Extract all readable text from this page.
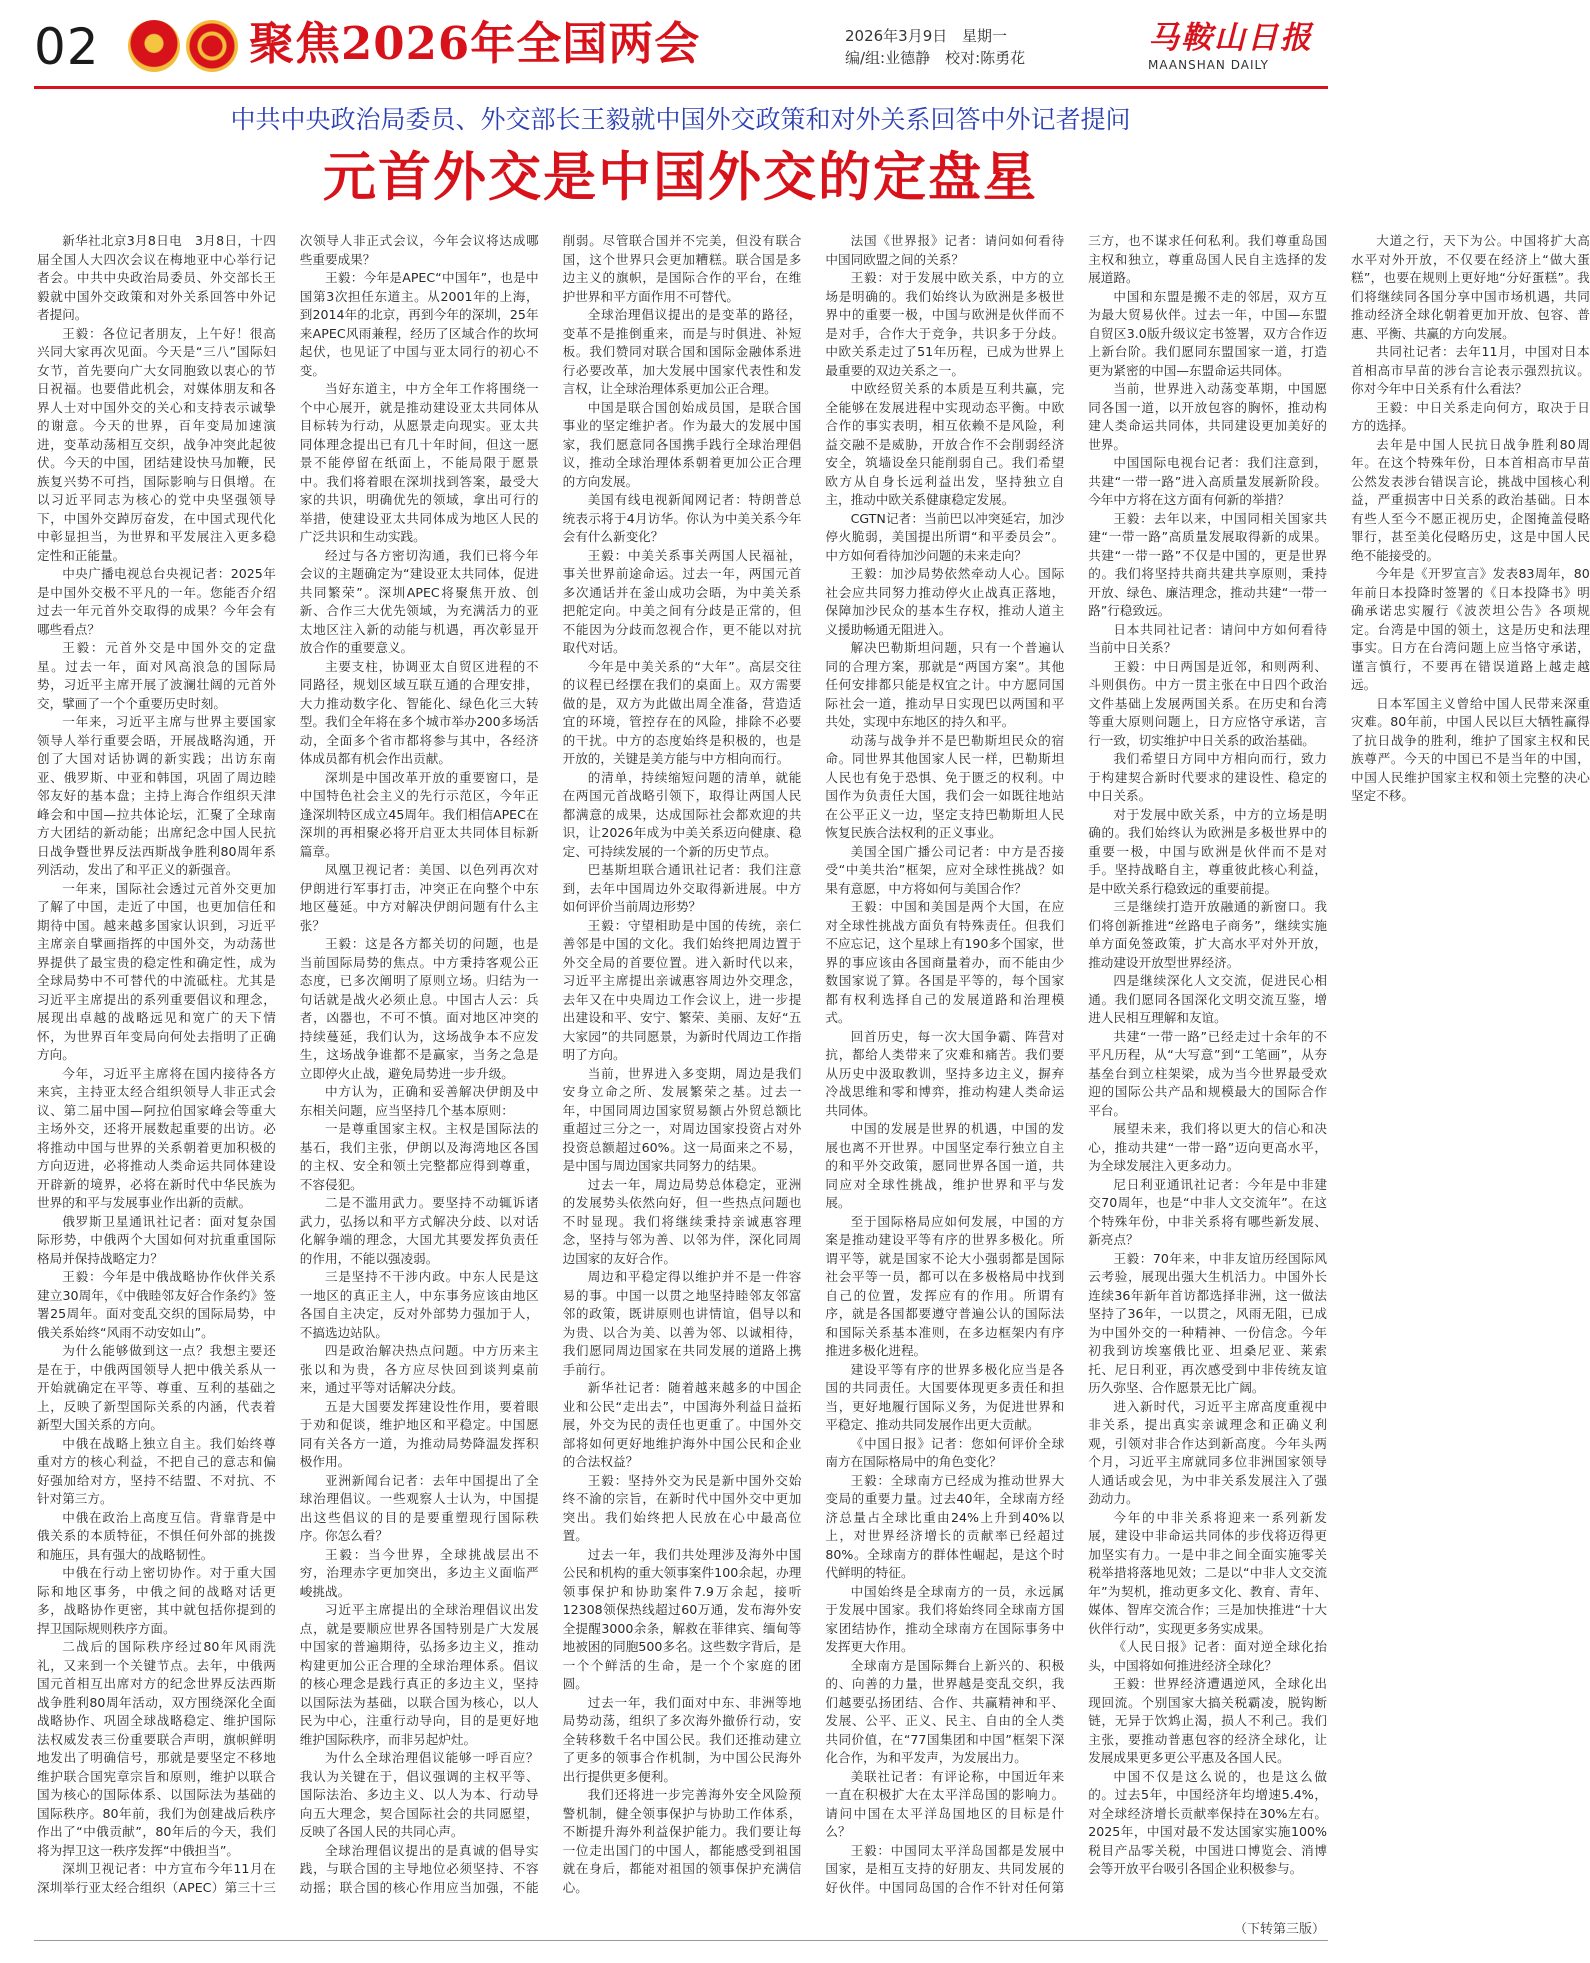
02	聚焦2026年全国两会	2026年3月9日 星期一
编/组:业德静　校对:陈勇花
马鞍山日报
MAANSHAN DAILY
中共中央政治局委员、外交部长王毅就中国外交政策和对外关系回答中外记者提问
元首外交是中国外交的定盘星

新华社北京3月8日电　3月8日，十四届全国人大四次会议在梅地亚中心举行记者会。中共中央政治局委员、外交部长王毅就中国外交政策和对外关系回答中外记者提问。

王毅：各位记者朋友，上午好！很高兴同大家再次见面。今天是“三八”国际妇女节，首先要向广大女同胞致以衷心的节日祝福。也要借此机会，对媒体朋友和各界人士对中国外交的关心和支持表示诚挚的谢意。今天的世界，百年变局加速演进，变革动荡相互交织，战争冲突此起彼伏。今天的中国，团结建设快马加鞭，民族复兴势不可挡，国际影响与日俱增。在以习近平同志为核心的党中央坚强领导下，中国外交踔厉奋发，在中国式现代化中彰显担当，为世界和平发展注入更多稳定性和正能量。

中央广播电视总台央视记者：2025年是中国外交极不平凡的一年。您能否介绍过去一年元首外交取得的成果？今年会有哪些看点？

王毅：元首外交是中国外交的定盘星。过去一年，面对风高浪急的国际局势，习近平主席开展了波澜壮阔的元首外交，擘画了一个个重要历史时刻。

一年来，习近平主席与世界主要国家领导人举行重要会晤，开展战略沟通，开创了大国对话协调的新实践；出访东南亚、俄罗斯、中亚和韩国，巩固了周边睦邻友好的基本盘；主持上海合作组织天津峰会和中国—拉共体论坛，汇聚了全球南方大团结的新动能；出席纪念中国人民抗日战争暨世界反法西斯战争胜利80周年系列活动，发出了和平正义的新强音。

一年来，国际社会透过元首外交更加了解了中国，走近了中国，也更加信任和期待中国。越来越多国家认识到，习近平主席亲自擘画指挥的中国外交，为动荡世界提供了最宝贵的稳定性和确定性，成为全球局势中不可替代的中流砥柱。尤其是习近平主席提出的系列重要倡议和理念，展现出卓越的战略远见和宽广的天下情怀，为世界百年变局向何处去指明了正确方向。

今年，习近平主席将在国内接待各方来宾，主持亚太经合组织领导人非正式会议、第二届中国—阿拉伯国家峰会等重大主场外交，还将开展数起重要的出访。必将推动中国与世界的关系朝着更加积极的方向迈进，必将推动人类命运共同体建设开辟新的境界，必将在新时代中华民族为世界的和平与发展事业作出新的贡献。

俄罗斯卫星通讯社记者：面对复杂国际形势，中俄两个大国如何对抗重重国际格局并保持战略定力？

王毅：今年是中俄战略协作伙伴关系建立30周年，《中俄睦邻友好合作条约》签署25周年。面对变乱交织的国际局势，中俄关系始终“风雨不动安如山”。

为什么能够做到这一点？我想主要还是在于，中俄两国领导人把中俄关系从一开始就确定在平等、尊重、互利的基础之上，反映了新型国际关系的内涵，代表着新型大国关系的方向。

中俄在战略上独立自主。我们始终尊重对方的核心利益，不把自己的意志和偏好强加给对方，坚持不结盟、不对抗、不针对第三方。

中俄在政治上高度互信。背靠背是中俄关系的本质特征，不惧任何外部的挑拨和施压，具有强大的战略韧性。

中俄在行动上密切协作。对于重大国际和地区事务，中俄之间的战略对话更多，战略协作更密，其中就包括你提到的捍卫国际规则秩序方面。

二战后的国际秩序经过80年风雨洗礼，又来到一个关键节点。去年，中俄两国元首相互出席对方的纪念世界反法西斯战争胜利80周年活动，双方围绕深化全面战略协作、巩固全球战略稳定、维护国际法权威发表三份重要联合声明，旗帜鲜明地发出了明确信号，那就是要坚定不移地维护联合国宪章宗旨和原则，维护以联合国为核心的国际体系、以国际法为基础的国际秩序。80年前，我们为创建战后秩序作出了“中俄贡献”，80年后的今天，我们将为捍卫这一秩序发挥“中俄担当”。

深圳卫视记者：中方宣布今年11月在深圳举行亚太经合组织（APEC）第三十三次领导人非正式会议，今年会议将达成哪些重要成果？

王毅：今年是APEC“中国年”，也是中国第3次担任东道主。从2001年的上海，到2014年的北京，再到今年的深圳，25年来APEC风雨兼程，经历了区域合作的坎坷起伏，也见证了中国与亚太同行的初心不变。

当好东道主，中方全年工作将围绕一个中心展开，就是推动建设亚太共同体从目标转为行动，从愿景走向现实。亚太共同体理念提出已有几十年时间，但这一愿景不能停留在纸面上，不能局限于愿景中。我们将着眼在深圳找到答案，最受大家的共识，明确优先的领域，拿出可行的举措，使建设亚太共同体成为地区人民的广泛共识和生动实践。

经过与各方密切沟通，我们已将今年会议的主题确定为“建设亚太共同体，促进共同繁荣”。深圳APEC将聚焦开放、创新、合作三大优先领域，为充满活力的亚太地区注入新的动能与机遇，再次彰显开放合作的重要意义。

主要支柱，协调亚太自贸区进程的不同路径，规划区域互联互通的合理安排，大力推动数字化、智能化、绿色化三大转型。我们全年将在多个城市举办200多场活动，全面多个省市都将参与其中，各经济体成员都有机会作出贡献。

深圳是中国改革开放的重要窗口，是中国特色社会主义的先行示范区，今年正逢深圳特区成立45周年。我们相信APEC在深圳的再相聚必将开启亚太共同体目标新篇章。

凤凰卫视记者：美国、以色列再次对伊朗进行军事打击，冲突正在向整个中东地区蔓延。中方对解决伊朗问题有什么主张？

王毅：这是各方都关切的问题，也是当前国际局势的焦点。中方秉持客观公正态度，已多次阐明了原则立场。归结为一句话就是战火必须止息。中国古人云：兵者，凶器也，不可不慎。面对地区冲突的持续蔓延，我们认为，这场战争本不应发生，这场战争谁都不是赢家，当务之急是立即停火止战，避免局势进一步升级。

中方认为，正确和妥善解决伊朗及中东相关问题，应当坚持几个基本原则：

一是尊重国家主权。主权是国际法的基石，我们主张，伊朗以及海湾地区各国的主权、安全和领土完整都应得到尊重，不容侵犯。

二是不滥用武力。要坚持不动辄诉诸武力，弘扬以和平方式解决分歧、以对话化解争端的理念，大国尤其要发挥负责任的作用，不能以强凌弱。

三是坚持不干涉内政。中东人民是这一地区的真正主人，中东事务应该由地区各国自主决定，反对外部势力强加于人，不搞选边站队。

四是政治解决热点问题。中方历来主张以和为贵，各方应尽快回到谈判桌前来，通过平等对话解决分歧。

五是大国要发挥建设性作用，要着眼于劝和促谈，维护地区和平稳定。中国愿同有关各方一道，为推动局势降温发挥积极作用。

亚洲新闻台记者：去年中国提出了全球治理倡议。一些观察人士认为，中国提出这些倡议的目的是要重塑现行国际秩序。你怎么看？

王毅：当今世界，全球挑战层出不穷，治理赤字更加突出，多边主义面临严峻挑战。

习近平主席提出的全球治理倡议出发点，就是要顺应世界各国特别是广大发展中国家的普遍期待，弘扬多边主义，推动构建更加公正合理的全球治理体系。倡议的核心理念是践行真正的多边主义，坚持以国际法为基础，以联合国为核心，以人民为中心，注重行动导向，目的是更好地维护国际秩序，而非另起炉灶。

为什么全球治理倡议能够一呼百应？我认为关键在于，倡议强调的主权平等、国际法治、多边主义、以人为本、行动导向五大理念，契合国际社会的共同愿望，反映了各国人民的共同心声。

全球治理倡议提出的是真诚的倡导实践，与联合国的主导地位必须坚持、不容动摇；联合国的核心作用应当加强，不能削弱。尽管联合国并不完美，但没有联合国，这个世界只会更加糟糕。联合国是多边主义的旗帜，是国际合作的平台，在维护世界和平方面作用不可替代。

全球治理倡议提出的是变革的路径，变革不是推倒重来，而是与时俱进、补短板。我们赞同对联合国和国际金融体系进行必要改革，加大发展中国家代表性和发言权，让全球治理体系更加公正合理。

中国是联合国创始成员国，是联合国事业的坚定维护者。作为最大的发展中国家，我们愿意同各国携手践行全球治理倡议，推动全球治理体系朝着更加公正合理的方向发展。

美国有线电视新闻网记者：特朗普总统表示将于4月访华。你认为中美关系今年会有什么新变化？

王毅：中美关系事关两国人民福祉，事关世界前途命运。过去一年，两国元首多次通话并在釜山成功会晤，为中美关系把舵定向。中美之间有分歧是正常的，但不能因为分歧而忽视合作，更不能以对抗取代对话。

今年是中美关系的“大年”。高层交往的议程已经摆在我们的桌面上。双方需要做的是，双方为此做出周全准备，营造适宜的环境，管控存在的风险，排除不必要的干扰。中方的态度始终是积极的，也是开放的，关键是美方能与中方相向而行。

的清单，持续缩短问题的清单，就能在两国元首战略引领下，取得让两国人民都满意的成果，达成国际社会都欢迎的共识，让2026年成为中美关系迈向健康、稳定、可持续发展的一个新的历史节点。

巴基斯坦联合通讯社记者：我们注意到，去年中国周边外交取得新进展。中方如何评价当前周边形势？

王毅：守望相助是中国的传统，亲仁善邻是中国的文化。我们始终把周边置于外交全局的首要位置。进入新时代以来，习近平主席提出亲诚惠容周边外交理念，去年又在中央周边工作会议上，进一步提出建设和平、安宁、繁荣、美丽、友好“五大家园”的共同愿景，为新时代周边工作指明了方向。

当前，世界进入多变期，周边是我们安身立命之所、发展繁荣之基。过去一年，中国同周边国家贸易额占外贸总额比重超过三分之一，对周边国家投资占对外投资总额超过60%。这一局面来之不易，是中国与周边国家共同努力的结果。

过去一年，周边局势总体稳定，亚洲的发展势头依然向好，但一些热点问题也不时显现。我们将继续秉持亲诚惠容理念，坚持与邻为善、以邻为伴，深化同周边国家的友好合作。

周边和平稳定得以维护并不是一件容易的事。中国一以贯之地坚持睦邻友邻富邻的政策，既讲原则也讲情谊，倡导以和为贵、以合为美、以善为邻、以诚相待，我们愿同周边国家在共同发展的道路上携手前行。

新华社记者：随着越来越多的中国企业和公民“走出去”，中国海外利益日益拓展，外交为民的责任也更重了。中国外交部将如何更好地维护海外中国公民和企业的合法权益？

王毅：坚持外交为民是新中国外交始终不渝的宗旨，在新时代中国外交中更加突出。我们始终把人民放在心中最高位置。

过去一年，我们共处理涉及海外中国公民和机构的重大领事案件100余起，办理领事保护和协助案件7.9万余起，接听12308领保热线超过60万通，发布海外安全提醒3000余条，解救在菲律宾、缅甸等地被困的同胞500多名。这些数字背后，是一个个鲜活的生命，是一个个家庭的团圆。

过去一年，我们面对中东、非洲等地局势动荡，组织了多次海外撤侨行动，安全转移数千名中国公民。我们还推动建立了更多的领事合作机制，为中国公民海外出行提供更多便利。

我们还将进一步完善海外安全风险预警机制，健全领事保护与协助工作体系，不断提升海外利益保护能力。我们要让每一位走出国门的中国人，都能感受到祖国就在身后，都能对祖国的领事保护充满信心。

法国《世界报》记者：请问如何看待中国同欧盟之间的关系？

王毅：对于发展中欧关系，中方的立场是明确的。我们始终认为欧洲是多极世界中的重要一极，中国与欧洲是伙伴而不是对手，合作大于竞争，共识多于分歧。中欧关系走过了51年历程，已成为世界上最重要的双边关系之一。

中欧经贸关系的本质是互利共赢，完全能够在发展进程中实现动态平衡。中欧合作的事实表明，相互依赖不是风险，利益交融不是威胁，开放合作不会削弱经济安全，筑墙设垒只能削弱自己。我们希望欧方从自身长远利益出发，坚持独立自主，推动中欧关系健康稳定发展。

CGTN记者：当前巴以冲突延宕，加沙停火脆弱，美国提出所谓“和平委员会”。中方如何看待加沙问题的未来走向？

王毅：加沙局势依然牵动人心。国际社会应共同努力推动停火止战真正落地，保障加沙民众的基本生存权，推动人道主义援助畅通无阻进入。

解决巴勒斯坦问题，只有一个普遍认同的合理方案，那就是“两国方案”。其他任何安排都只能是权宜之计。中方愿同国际社会一道，推动早日实现巴以两国和平共处，实现中东地区的持久和平。

动荡与战争并不是巴勒斯坦民众的宿命。同世界其他国家人民一样，巴勒斯坦人民也有免于恐惧、免于匮乏的权利。中国作为负责任大国，我们会一如既往地站在公平正义一边，坚定支持巴勒斯坦人民恢复民族合法权利的正义事业。

美国全国广播公司记者：中方是否接受“中美共治”框架，应对全球性挑战？如果有意愿，中方将如何与美国合作？

王毅：中国和美国是两个大国，在应对全球性挑战方面负有特殊责任。但我们不应忘记，这个星球上有190多个国家，世界的事应该由各国商量着办，而不能由少数国家说了算。各国是平等的，每个国家都有权利选择自己的发展道路和治理模式。

回首历史，每一次大国争霸、阵营对抗，都给人类带来了灾难和痛苦。我们要从历史中汲取教训，坚持多边主义，摒弃冷战思维和零和博弈，推动构建人类命运共同体。

中国的发展是世界的机遇，中国的发展也离不开世界。中国坚定奉行独立自主的和平外交政策，愿同世界各国一道，共同应对全球性挑战，维护世界和平与发展。

至于国际格局应如何发展，中国的方案是推动建设平等有序的世界多极化。所谓平等，就是国家不论大小强弱都是国际社会平等一员，都可以在多极格局中找到自己的位置，发挥应有的作用。所谓有序，就是各国都要遵守普遍公认的国际法和国际关系基本准则，在多边框架内有序推进多极化进程。

建设平等有序的世界多极化应当是各国的共同责任。大国要体现更多责任和担当，更好地履行国际义务，为促进世界和平稳定、推动共同发展作出更大贡献。

《中国日报》记者：您如何评价全球南方在国际格局中的角色变化？

王毅：全球南方已经成为推动世界大变局的重要力量。过去40年，全球南方经济总量占全球比重由24%上升到40%以上，对世界经济增长的贡献率已经超过80%。全球南方的群体性崛起，是这个时代鲜明的特征。

中国始终是全球南方的一员，永远属于发展中国家。我们将始终同全球南方国家团结协作，推动全球南方在国际事务中发挥更大作用。

全球南方是国际舞台上新兴的、积极的、向善的力量，世界越是变乱交织，我们越要弘扬团结、合作、共赢精神和平、发展、公平、正义、民主、自由的全人类共同价值，在“77国集团和中国”框架下深化合作，为和平发声，为发展出力。

美联社记者：有评论称，中国近年来一直在积极扩大在太平洋岛国的影响力。请问中国在太平洋岛国地区的目标是什么？

王毅：中国同太平洋岛国都是发展中国家，是相互支持的好朋友、共同发展的好伙伴。中国同岛国的合作不针对任何第三方，也不谋求任何私利。我们尊重岛国主权和独立，尊重岛国人民自主选择的发展道路。

中国和东盟是搬不走的邻居，双方互为最大贸易伙伴。过去一年，中国—东盟自贸区3.0版升级议定书签署，双方合作迈上新台阶。我们愿同东盟国家一道，打造更为紧密的中国—东盟命运共同体。

当前，世界进入动荡变革期，中国愿同各国一道，以开放包容的胸怀，推动构建人类命运共同体，共同建设更加美好的世界。

中国国际电视台记者：我们注意到，共建“一带一路”进入高质量发展新阶段。今年中方将在这方面有何新的举措？

王毅：去年以来，中国同相关国家共建“一带一路”高质量发展取得新的成果。共建“一带一路”不仅是中国的，更是世界的。我们将坚持共商共建共享原则，秉持开放、绿色、廉洁理念，推动共建“一带一路”行稳致远。

日本共同社记者：请问中方如何看待当前中日关系？

王毅：中日两国是近邻，和则两利、斗则俱伤。中方一贯主张在中日四个政治文件基础上发展两国关系。在历史和台湾等重大原则问题上，日方应恪守承诺，言行一致，切实维护中日关系的政治基础。

我们希望日方同中方相向而行，致力于构建契合新时代要求的建设性、稳定的中日关系。

对于发展中欧关系，中方的立场是明确的。我们始终认为欧洲是多极世界中的重要一极，中国与欧洲是伙伴而不是对手。坚持战略自主，尊重彼此核心利益，是中欧关系行稳致远的重要前提。

三是继续打造开放融通的新窗口。我们将创新推进“丝路电子商务”，继续实施单方面免签政策，扩大高水平对外开放，推动建设开放型世界经济。

四是继续深化人文交流，促进民心相通。我们愿同各国深化文明交流互鉴，增进人民相互理解和友谊。

共建“一带一路”已经走过十余年的不平凡历程，从“大写意”到“工笔画”，从夯基垒台到立柱架梁，成为当今世界最受欢迎的国际公共产品和规模最大的国际合作平台。

展望未来，我们将以更大的信心和决心，推动共建“一带一路”迈向更高水平，为全球发展注入更多动力。

尼日利亚通讯社记者：今年是中非建交70周年，也是“中非人文交流年”。在这个特殊年份，中非关系将有哪些新发展、新亮点？

王毅：70年来，中非友谊历经国际风云考验，展现出强大生机活力。中国外长连续36年新年首访都选择非洲，这一做法坚持了36年，一以贯之，风雨无阻，已成为中国外交的一种精神、一份信念。今年初我到访埃塞俄比亚、坦桑尼亚、莱索托、尼日利亚，再次感受到中非传统友谊历久弥坚、合作愿景无比广阔。

进入新时代，习近平主席高度重视中非关系，提出真实亲诚理念和正确义利观，引领对非合作达到新高度。今年头两个月，习近平主席就同多位非洲国家领导人通话或会见，为中非关系发展注入了强劲动力。

今年的中非关系将迎来一系列新发展，建设中非命运共同体的步伐将迈得更加坚实有力。一是中非之间全面实施零关税举措将落地见效；二是以“中非人文交流年”为契机，推动更多文化、教育、青年、媒体、智库交流合作；三是加快推进“十大伙伴行动”，实现更多务实成果。

《人民日报》记者：面对逆全球化抬头，中国将如何推进经济全球化？

王毅：世界经济遭遇逆风，全球化出现回流。个别国家大搞关税霸凌，脱钩断链，无异于饮鸩止渴，损人不利己。我们主张，要推动普惠包容的经济全球化，让发展成果更多更公平惠及各国人民。

中国不仅是这么说的，也是这么做的。过去5年，中国经济年均增速5.4%，对全球经济增长贡献率保持在30%左右。2025年，中国对最不发达国家实施100%税目产品零关税，中国进口博览会、消博会等开放平台吸引各国企业积极参与。

大道之行，天下为公。中国将扩大高水平对外开放，不仅要在经济上“做大蛋糕”，也要在规则上更好地“分好蛋糕”。我们将继续同各国分享中国市场机遇，共同推动经济全球化朝着更加开放、包容、普惠、平衡、共赢的方向发展。

共同社记者：去年11月，中国对日本首相高市早苗的涉台言论表示强烈抗议。你对今年中日关系有什么看法？

王毅：中日关系走向何方，取决于日方的选择。

去年是中国人民抗日战争胜利80周年。在这个特殊年份，日本首相高市早苗公然发表涉台错误言论，挑战中国核心利益，严重损害中日关系的政治基础。日本有些人至今不愿正视历史，企图掩盖侵略罪行，甚至美化侵略历史，这是中国人民绝不能接受的。

今年是《开罗宣言》发表83周年，80年前日本投降时签署的《日本投降书》明确承诺忠实履行《波茨坦公告》各项规定。台湾是中国的领土，这是历史和法理事实。日方在台湾问题上应当恪守承诺，谨言慎行，不要再在错误道路上越走越远。

日本军国主义曾给中国人民带来深重灾难。80年前，中国人民以巨大牺牲赢得了抗日战争的胜利，维护了国家主权和民族尊严。今天的中国已不是当年的中国，中国人民维护国家主权和领土完整的决心坚定不移。

（下转第三版）
